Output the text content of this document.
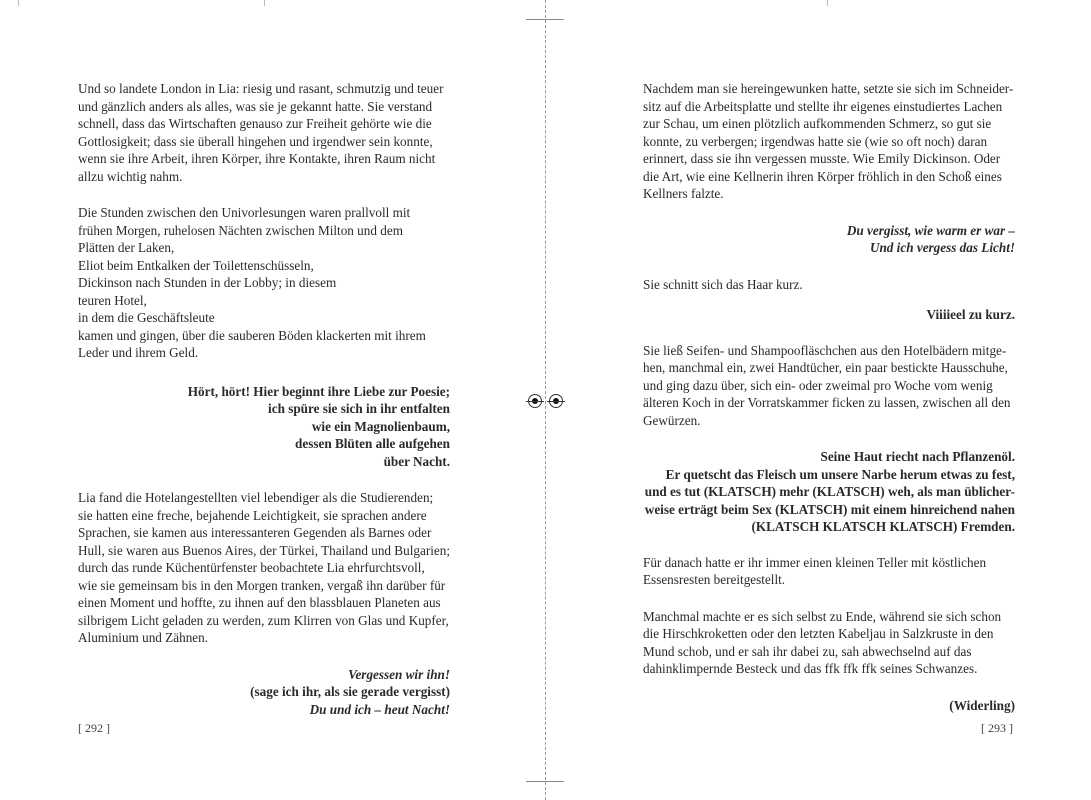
Und so landete London in Lia: riesig und rasant, schmutzig und teuer
und gänzlich anders als alles, was sie je gekannt hatte. Sie verstand
schnell, dass das Wirtschaften genauso zur Freiheit gehörte wie die
Gottlosigkeit; dass sie überall hingehen und irgendwer sein konnte,
wenn sie ihre Arbeit, ihren Körper, ihre Kontakte, ihren Raum nicht
allzu wichtig nahm.
Die Stunden zwischen den Univorlesungen waren prallvoll mit
frühen Morgen, ruhelosen Nächten zwischen Milton und dem
Plätten der Laken,
Eliot beim Entkalken der Toilettenschüsseln,
Dickinson nach Stunden in der Lobby; in diesem
teuren Hotel,
in dem die Geschäftsleute
kamen und gingen, über die sauberen Böden klackerten mit ihrem
Leder und ihrem Geld.
Hört, hört! Hier beginnt ihre Liebe zur Poesie;
ich spüre sie sich in ihr entfalten
wie ein Magnolienbaum,
dessen Blüten alle aufgehen
über Nacht.
Lia fand die Hotelangestellten viel lebendiger als die Studierenden;
sie hatten eine freche, bejahende Leichtigkeit, sie sprachen andere
Sprachen, sie kamen aus interessanteren Gegenden als Barnes oder
Hull, sie waren aus Buenos Aires, der Türkei, Thailand und Bulgarien;
durch das runde Küchentürfenster beobachtete Lia ehrfurchtsvoll,
wie sie gemeinsam bis in den Morgen tranken, vergaß ihn darüber für
einen Moment und hoffte, zu ihnen auf den blassblauen Planeten aus
silbrigem Licht geladen zu werden, zum Klirren von Glas und Kupfer,
Aluminium und Zähnen.
Vergessen wir ihn!
(sage ich ihr, als sie gerade vergisst)
Du und ich – heut Nacht!
[ 292 ]
Nachdem man sie hereingewunken hatte, setzte sie sich im Schneider-
sitz auf die Arbeitsplatte und stellte ihr eigenes einstudiertes Lachen
zur Schau, um einen plötzlich aufkommenden Schmerz, so gut sie
konnte, zu verbergen; irgendwas hatte sie (wie so oft noch) daran
erinnert, dass sie ihn vergessen musste. Wie Emily Dickinson. Oder
die Art, wie eine Kellnerin ihren Körper fröhlich in den Schoß eines
Kellners falzte.
Du vergisst, wie warm er war –
Und ich vergess das Licht!
Sie schnitt sich das Haar kurz.
Viiiieel zu kurz.
Sie ließ Seifen- und Shampoofläschchen aus den Hotelbädern mitge-
hen, manchmal ein, zwei Handtücher, ein paar bestickte Hausschuhe,
und ging dazu über, sich ein- oder zweimal pro Woche vom wenig
älteren Koch in der Vorratskammer ficken zu lassen, zwischen all den
Gewürzen.
Seine Haut riecht nach Pflanzenöl.
Er quetscht das Fleisch um unsere Narbe herum etwas zu fest,
und es tut (KLATSCH) mehr (KLATSCH) weh, als man üblicher-
weise erträgt beim Sex (KLATSCH) mit einem hinreichend nahen
(KLATSCH KLATSCH KLATSCH) Fremden.
Für danach hatte er ihr immer einen kleinen Teller mit köstlichen
Essensresten bereitgestellt.
Manchmal machte er es sich selbst zu Ende, während sie sich schon
die Hirschkroketten oder den letzten Kabeljau in Salzkruste in den
Mund schob, und er sah ihr dabei zu, sah abwechselnd auf das
dahinklimpernde Besteck und das ffk ffk ffk seines Schwanzes.
(Widerling)
[ 293 ]
